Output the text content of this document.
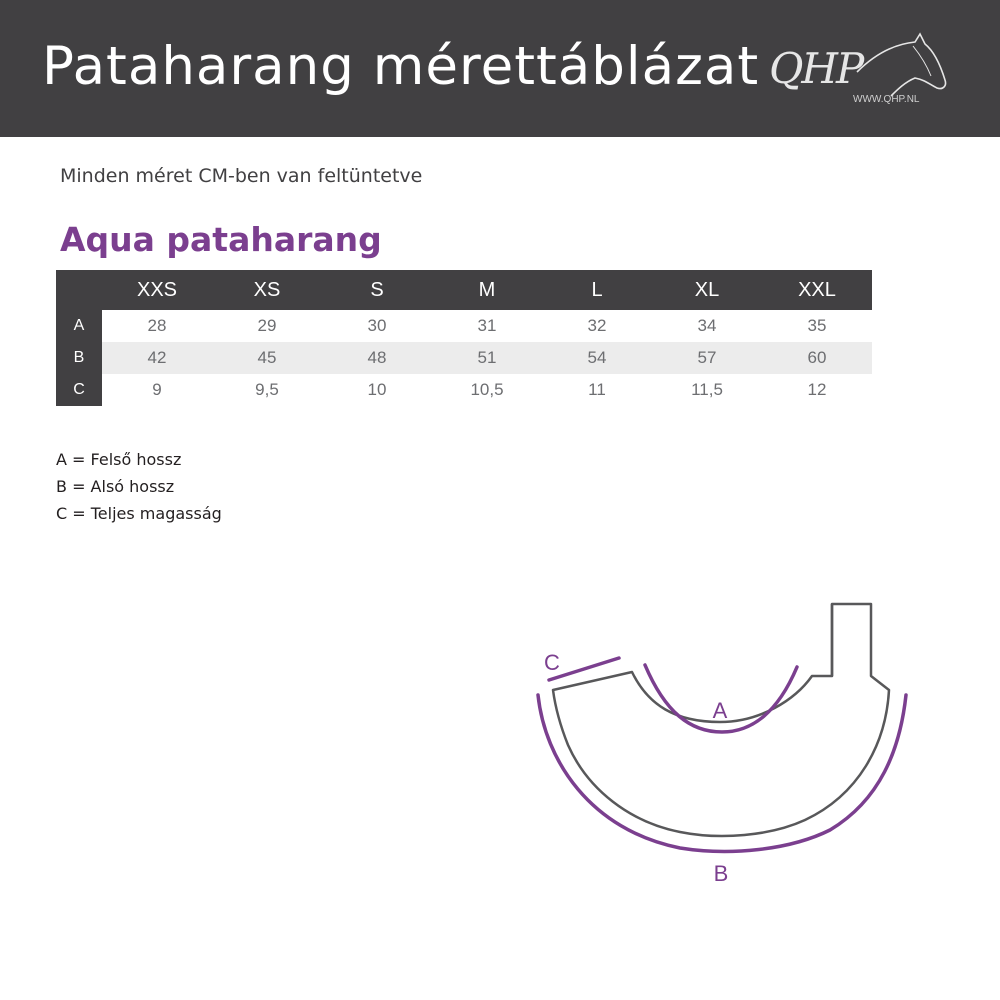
Pataharang mérettáblázat QHP
WWW.QHP.NL
Minden méret CM-ben van feltüntetve
Aqua pataharang
	XXS	XS	S	M	L	XL	XXL
A	28	29	30	31	32	34	35
B	42	45	48	51	54	57	60
C	9	9,5	10	10,5	11	11,5	12
A = Felső hossz
B = Alsó hossz
C = Teljes magasság
A
B
C
